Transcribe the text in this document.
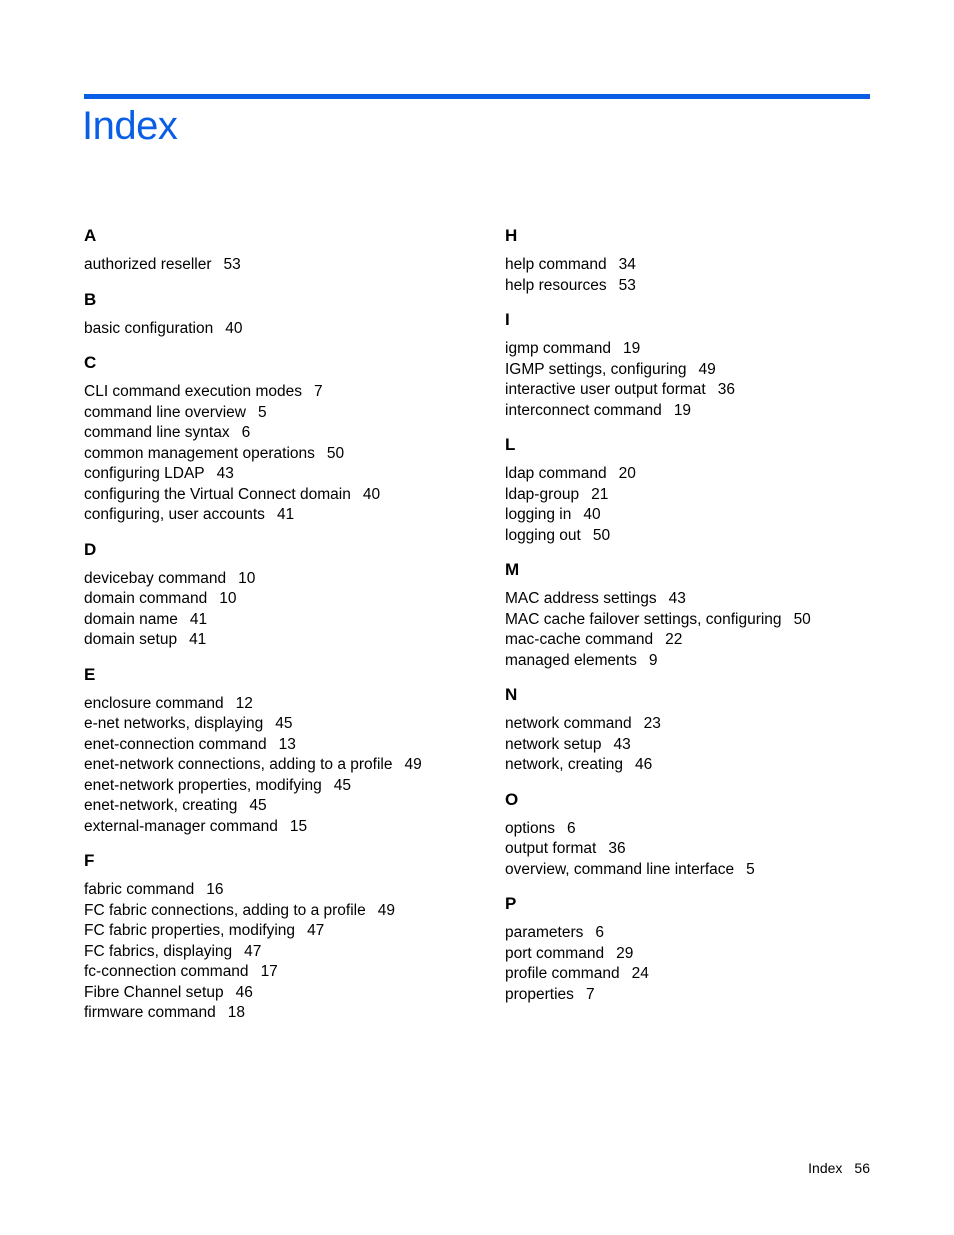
Index
A
authorized reseller 53
B
basic configuration 40
C
CLI command execution modes 7
command line overview 5
command line syntax 6
common management operations 50
configuring LDAP 43
configuring the Virtual Connect domain 40
configuring, user accounts 41
D
devicebay command 10
domain command 10
domain name 41
domain setup 41
E
enclosure command 12
e-net networks, displaying 45
enet-connection command 13
enet-network connections, adding to a profile 49
enet-network properties, modifying 45
enet-network, creating 45
external-manager command 15
F
fabric command 16
FC fabric connections, adding to a profile 49
FC fabric properties, modifying 47
FC fabrics, displaying 47
fc-connection command 17
Fibre Channel setup 46
firmware command 18
H
help command 34
help resources 53
I
igmp command 19
IGMP settings, configuring 49
interactive user output format 36
interconnect command 19
L
ldap command 20
ldap-group 21
logging in 40
logging out 50
M
MAC address settings 43
MAC cache failover settings, configuring 50
mac-cache command 22
managed elements 9
N
network command 23
network setup 43
network, creating 46
O
options 6
output format 36
overview, command line interface 5
P
parameters 6
port command 29
profile command 24
properties 7
Index 56
